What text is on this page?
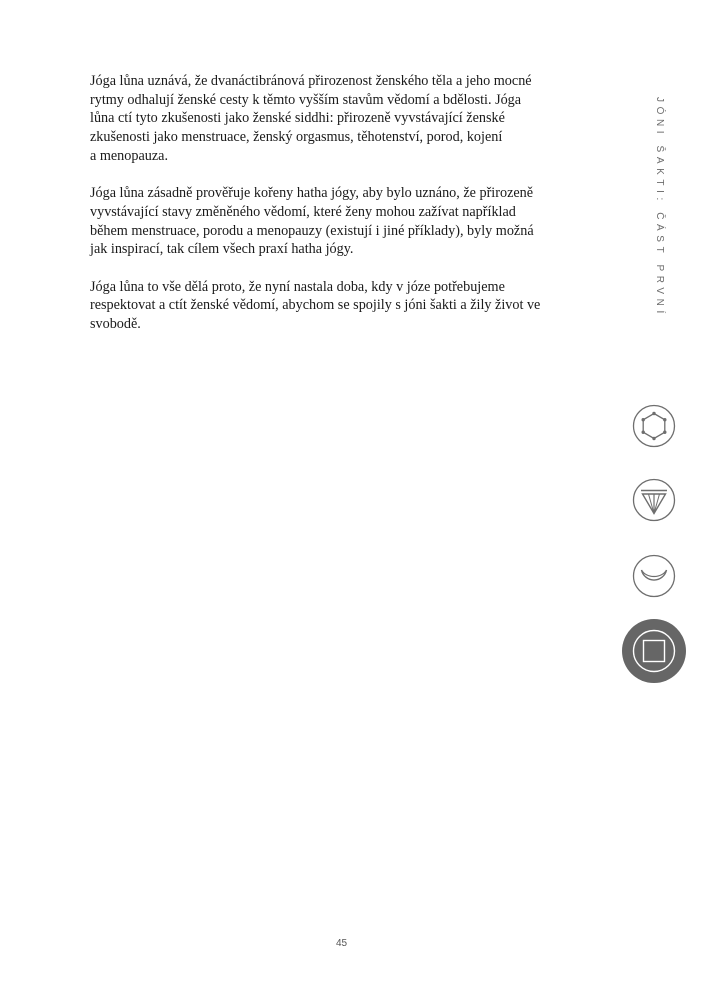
Jóga lůna uznává, že dvanáctibránová přirozenost ženského těla a jeho mocné
rytmy odhalují ženské cesty k těmto vyšším stavům vědomí a bdělosti. Jóga
lůna ctí tyto zkušenosti jako ženské siddhi: přirozeně vyvstávající ženské
zkušenosti jako menstruace, ženský orgasmus, těhotenství, porod, kojení
a menopauza.

Jóga lůna zásadně prověřuje kořeny hatha jógy, aby bylo uznáno, že přirozeně
vyvstávající stavy změněného vědomí, které ženy mohou zažívat například
během menstruace, porodu a menopauzy (existují i jiné příklady), byly možná
jak inspirací, tak cílem všech praxí hatha jógy.

Jóga lůna to vše dělá proto, že nyní nastala doba, kdy v józe potřebujeme
respektovat a ctít ženské vědomí, abychom se spojily s jóni šakti a žily život ve
svobodě.

JÓNI ŠAKTI: ČÁST PRVNÍ
45
